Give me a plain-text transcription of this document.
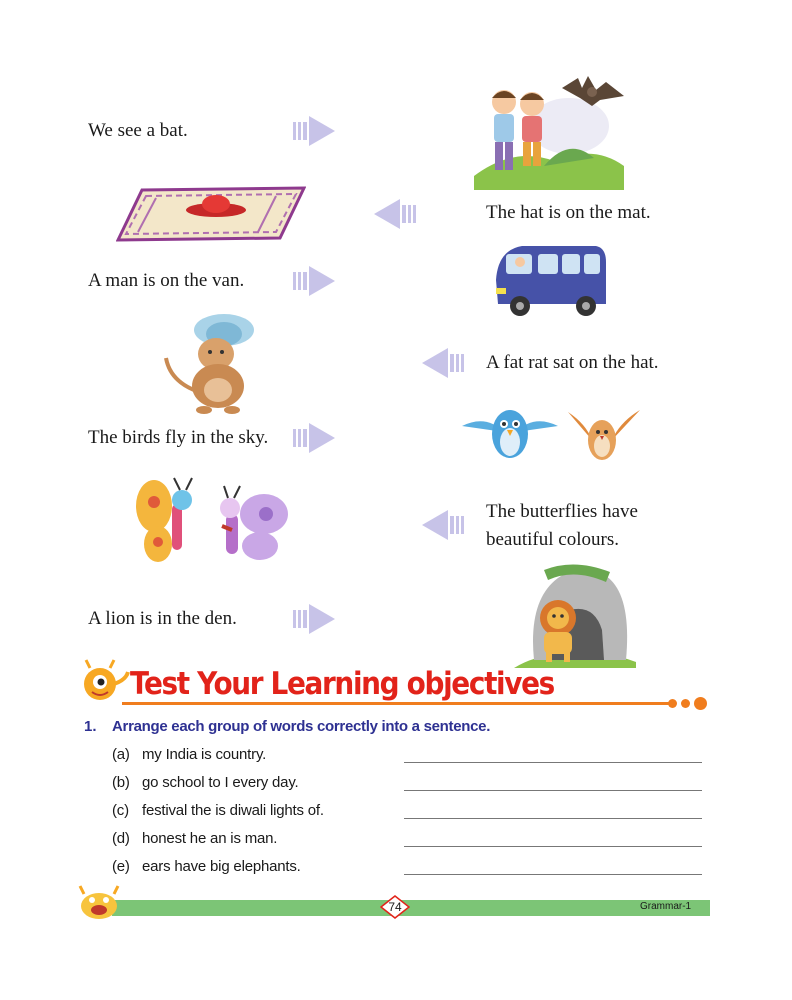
We see a bat.
A man is on the van.
The birds fly in the sky.
A lion is in the den.
The hat is on the mat.
A fat rat sat on the hat.
The butterflies have
beautiful colours.
Test Your Learning objectives
1. Arrange each group of words correctly into a sentence.
(a) my India is country.
(b) go school to I every day.
(c) festival the is diwali lights of.
(d) honest he an is man.
(e) ears have big elephants.
74	Grammar-1
